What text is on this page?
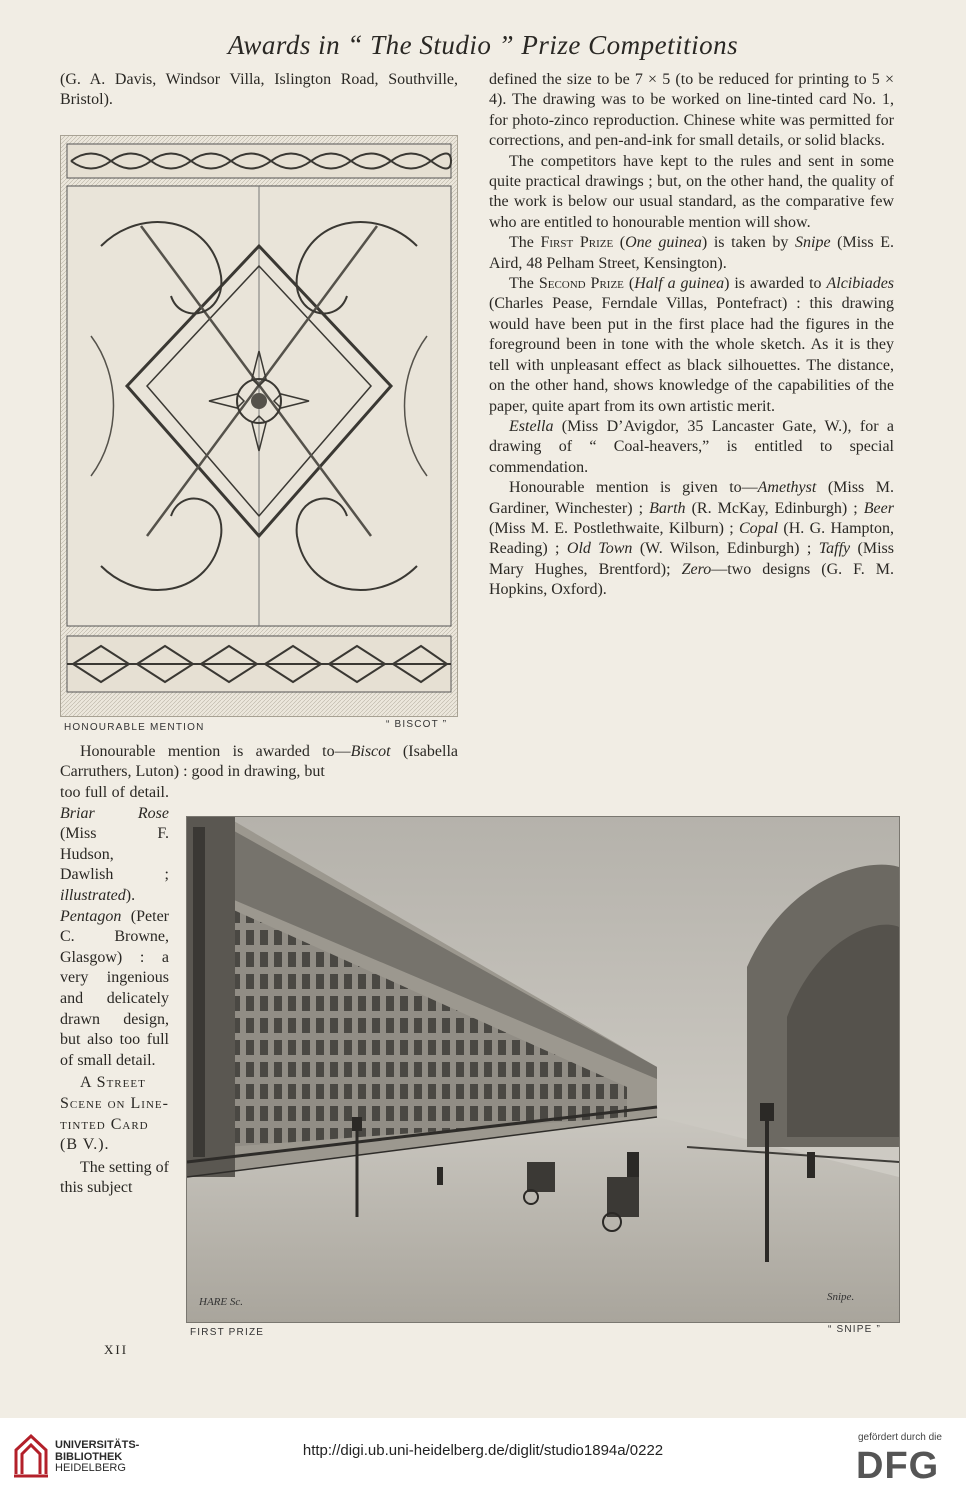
Awards in “ The Studio ” Prize Competitions

(G. A. Davis, Windsor Villa, Islington Road, Southville, Bristol).

HONOURABLE MENTION	“ BISCOT ”

Honourable mention is awarded to—Biscot (Isabella Carruthers, Luton) : good in drawing, but

too full of detail. Briar Rose (Miss F. Hudson, Dawlish ; illustrated). Pentagon (Peter C. Browne, Glasgow) : a very ingenious and delicately drawn design, but also too full of small detail.

A Street Scene on Line-tinted Card (B V.).

The setting of this subject

XII

defined the size to be 7 × 5 (to be reduced for printing to 5 × 4). The drawing was to be worked on line-tinted card No. 1, for photo-zinco reproduction. Chinese white was permitted for corrections, and pen-and-ink for small details, or solid blacks.

The competitors have kept to the rules and sent in some quite practical drawings ; but, on the other hand, the quality of the work is below our usual standard, as the comparative few who are entitled to honourable mention will show.

The First Prize (One guinea) is taken by Snipe (Miss E. Aird, 48 Pelham Street, Kensington).

The Second Prize (Half a guinea) is awarded to Alcibiades (Charles Pease, Ferndale Villas, Pontefract) : this drawing would have been put in the first place had the figures in the foreground been in tone with the whole sketch. As it is they tell with unpleasant effect as black silhouettes. The distance, on the other hand, shows knowledge of the capabilities of the paper, quite apart from its own artistic merit.

Estella (Miss D’Avigdor, 35 Lancaster Gate, W.), for a drawing of “ Coal-heavers,” is entitled to special commendation.

Honourable mention is given to—Amethyst (Miss M. Gardiner, Winchester) ; Barth (R. McKay, Edinburgh) ; Beer (Miss M. E. Postlethwaite, Kilburn) ; Copal (H. G. Hampton, Reading) ; Old Town (W. Wilson, Edinburgh) ; Taffy (Miss Mary Hughes, Brentford); Zero—two designs (G. F. M. Hopkins, Oxford).

HARE Sc.	Snipe.
FIRST PRIZE	“ SNIPE ”
UNIVERSITÄTS-
BIBLIOTHEK
HEIDELBERG
http://digi.ub.uni-heidelberg.de/diglit/studio1894a/0222
gefördert durch die
DFG
